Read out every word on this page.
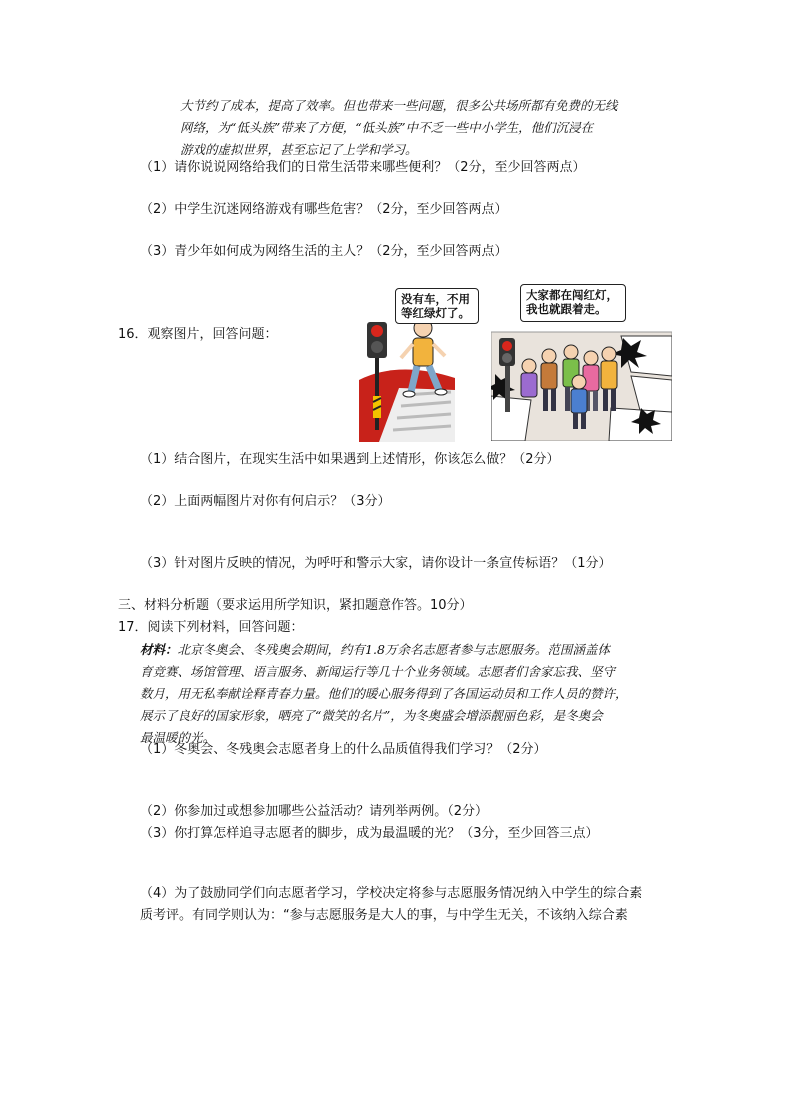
大节约了成本，提高了效率。但也带来一些问题，很多公共场所都有免费的无线
网络，为“低头族”带来了方便，“低头族”中不乏一些中小学生，他们沉浸在
游戏的虚拟世界，甚至忘记了上学和学习。
（1）请你说说网络给我们的日常生活带来哪些便利？（2分，至少回答两点）
（2）中学生沉迷网络游戏有哪些危害？（2分，至少回答两点）
（3）青少年如何成为网络生活的主人？（2分，至少回答两点）
16．观察图片，回答问题：
没有车，不用
等红绿灯了。
大家都在闯红灯，
我也就跟着走。
（1）结合图片，在现实生活中如果遇到上述情形，你该怎么做？（2分）
（2）上面两幅图片对你有何启示？（3分）
（3）针对图片反映的情况，为呼吁和警示大家，请你设计一条宣传标语？（1分）
三、材料分析题（要求运用所学知识，紧扣题意作答。10分）
17．阅读下列材料，回答问题：
材料：北京冬奥会、冬残奥会期间，约有1.8万余名志愿者参与志愿服务。范围涵盖体
育竞赛、场馆管理、语言服务、新闻运行等几十个业务领域。志愿者们舍家忘我、坚守
数月，用无私奉献诠释青春力量。他们的暖心服务得到了各国运动员和工作人员的赞许，
展示了良好的国家形象，晒亮了“微笑的名片”，为冬奥盛会增添靓丽色彩，是冬奥会
最温暖的光。
（1）冬奥会、冬残奥会志愿者身上的什么品质值得我们学习？（2分）
（2）你参加过或想参加哪些公益活动？请列举两例。（2分）
（3）你打算怎样追寻志愿者的脚步，成为最温暖的光？（3分，至少回答三点）
（4）为了鼓励同学们向志愿者学习，学校决定将参与志愿服务情况纳入中学生的综合素
质考评。有同学则认为：“参与志愿服务是大人的事，与中学生无关，不该纳入综合素
